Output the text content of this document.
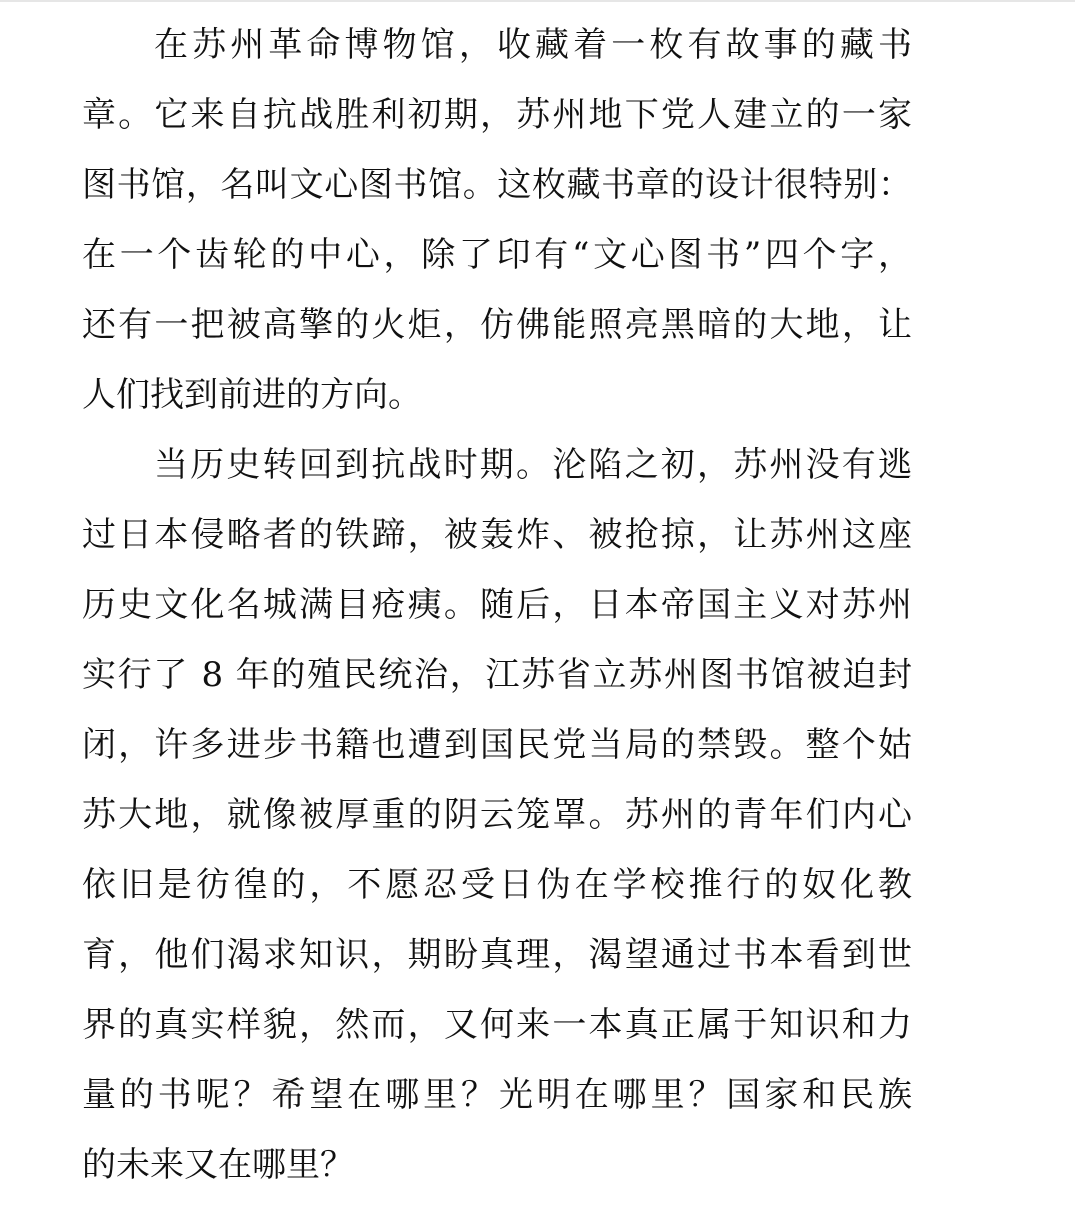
在苏州革命博物馆，收藏着一枚有故事的藏书
章。它来自抗战胜利初期，苏州地下党人建立的一家
图书馆，名叫文心图书馆。这枚藏书章的设计很特别：
在一个齿轮的中心，除了印有“文心图书”四个字，
还有一把被高擎的火炬，仿佛能照亮黑暗的大地，让
人们找到前进的方向。
当历史转回到抗战时期。沦陷之初，苏州没有逃
过日本侵略者的铁蹄，被轰炸、被抢掠，让苏州这座
历史文化名城满目疮痍。随后，日本帝国主义对苏州
实行了 8 年的殖民统治，江苏省立苏州图书馆被迫封
闭，许多进步书籍也遭到国民党当局的禁毁。整个姑
苏大地，就像被厚重的阴云笼罩。苏州的青年们内心
依旧是彷徨的，不愿忍受日伪在学校推行的奴化教
育，他们渴求知识，期盼真理，渴望通过书本看到世
界的真实样貌，然而，又何来一本真正属于知识和力
量的书呢？希望在哪里？光明在哪里？国家和民族
的未来又在哪里？
